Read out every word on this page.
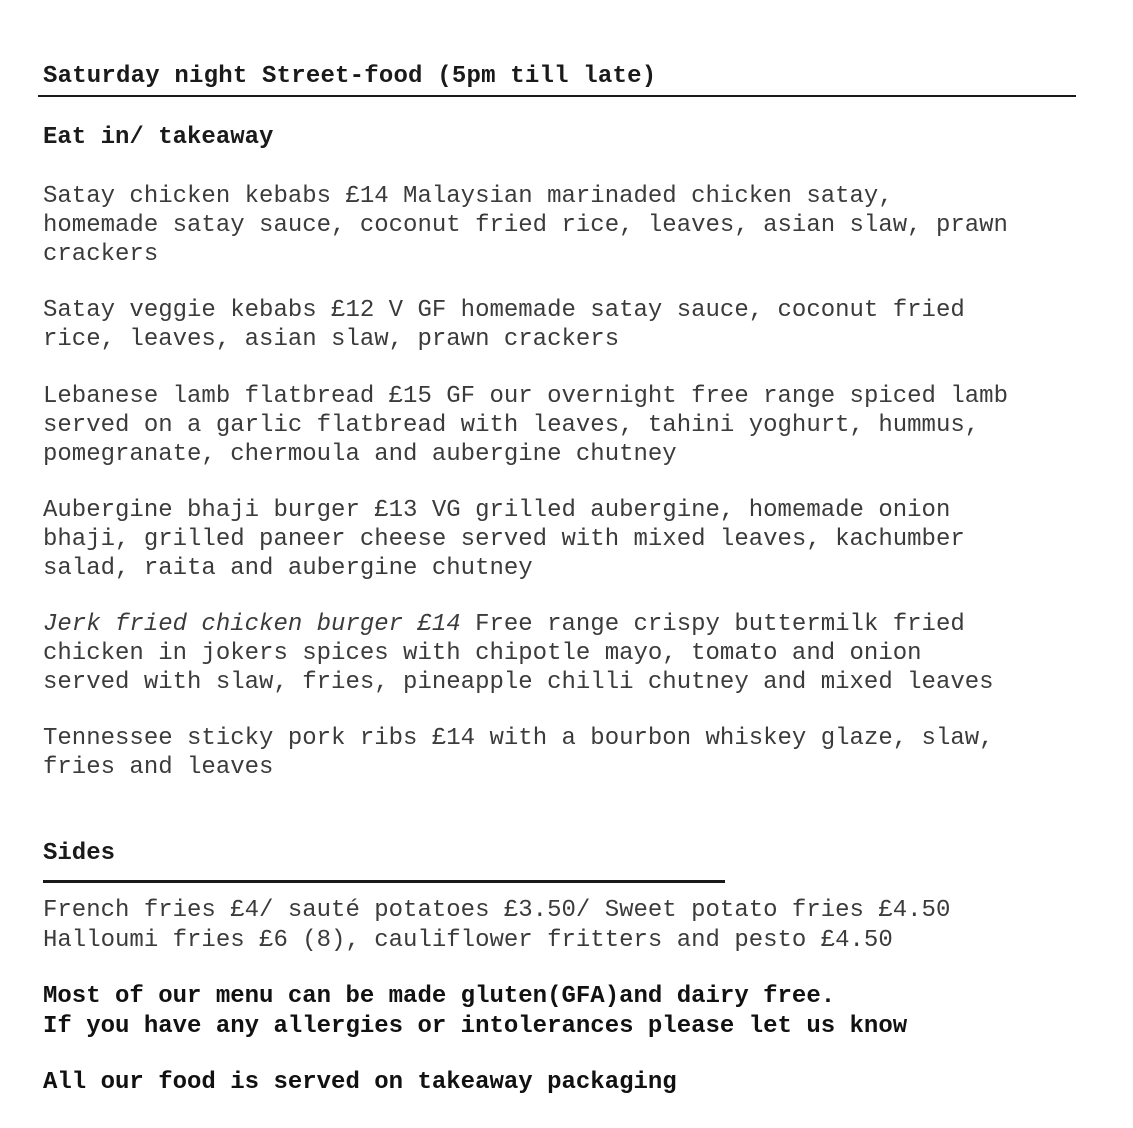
Saturday night Street-food (5pm till late)
Eat in/ takeaway
Satay chicken kebabs £14 Malaysian marinaded chicken satay,
homemade satay sauce, coconut fried rice, leaves, asian slaw, prawn
crackers
Satay veggie kebabs £12 V GF homemade satay sauce, coconut fried
rice, leaves, asian slaw, prawn crackers
Lebanese lamb flatbread £15 GF our overnight free range spiced lamb
served on a garlic flatbread with leaves, tahini yoghurt, hummus,
pomegranate, chermoula and aubergine chutney
Aubergine bhaji burger £13 VG grilled aubergine, homemade onion
bhaji, grilled paneer cheese served with mixed leaves, kachumber
salad, raita and aubergine chutney
Jerk fried chicken burger £14 Free range crispy buttermilk fried
chicken in jokers spices with chipotle mayo, tomato and onion
served with slaw, fries, pineapple chilli chutney and mixed leaves
Tennessee sticky pork ribs £14 with a bourbon whiskey glaze, slaw,
fries and leaves
Sides
French fries £4/ sauté potatoes £3.50/ Sweet potato fries £4.50
Halloumi fries £6 (8), cauliflower fritters and pesto £4.50
Most of our menu can be made gluten(GFA)and dairy free.
If you have any allergies or intolerances please let us know
All our food is served on takeaway packaging
